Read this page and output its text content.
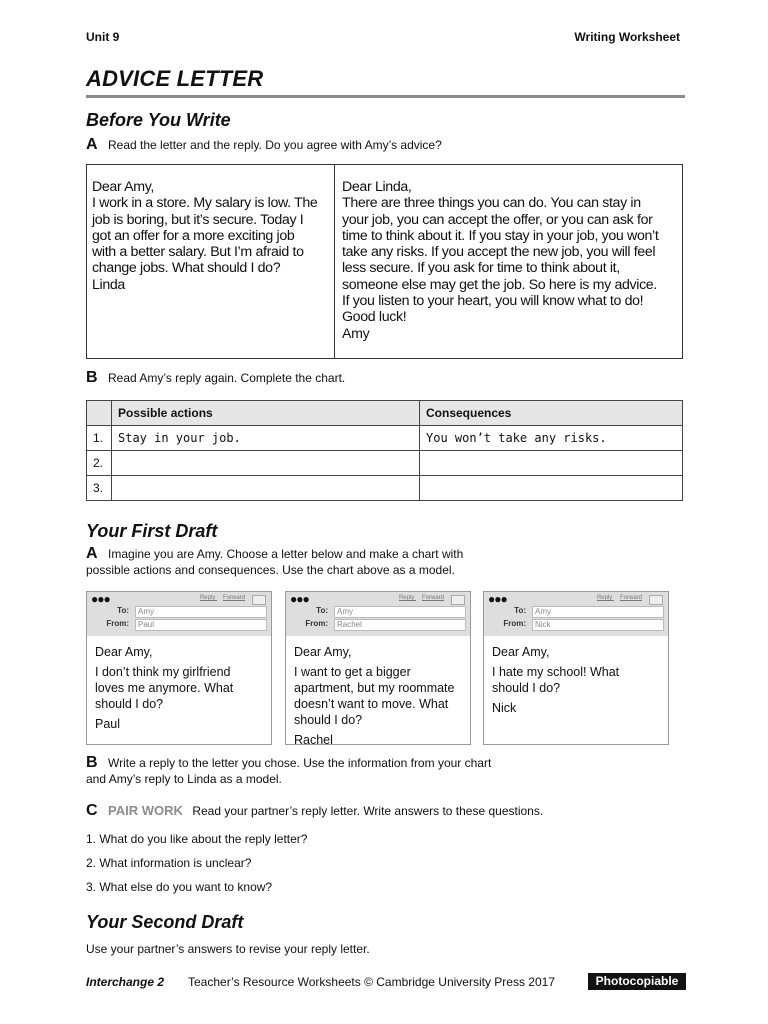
Unit 9	Writing Worksheet
ADVICE LETTER
Before You Write
A Read the letter and the reply. Do you agree with Amy’s advice?
Dear Amy,
I work in a store. My salary is low. The
job is boring, but it’s secure. Today I
got an offer for a more exciting job
with a better salary. But I’m afraid to
change jobs. What should I do?
Linda
Dear Linda,
There are three things you can do. You can stay in
your job, you can accept the offer, or you can ask for
time to think about it. If you stay in your job, you won’t
take any risks. If you accept the new job, you will feel
less secure. If you ask for time to think about it,
someone else may get the job. So here is my advice.
If you listen to your heart, you will know what to do!
Good luck!
Amy
B Read Amy’s reply again. Complete the chart.
	Possible actions	Consequences
1.	Stay in your job.	You won’t take any risks.
2.		
3.		
Your First Draft
A Imagine you are Amy. Choose a letter below and make a chart with
possible actions and consequences. Use the chart above as a model.
●●●	Reply Forward
To:	Amy
From:	Paul
Dear Amy,
I don’t think my girlfriend
loves me anymore. What
should I do?
Paul
●●●	Reply Forward
To:	Amy
From:	Rachel
Dear Amy,
I want to get a bigger
apartment, but my roommate
doesn’t want to move. What
should I do?
Rachel
●●●	Reply Forward
To:	Amy
From:	Nick
Dear Amy,
I hate my school! What
should I do?
Nick
B Write a reply to the letter you chose. Use the information from your chart
and Amy’s reply to Linda as a model.
C PAIR WORK Read your partner’s reply letter. Write answers to these questions.
1. What do you like about the reply letter?
2. What information is unclear?
3. What else do you want to know?
Your Second Draft
Use your partner’s answers to revise your reply letter.
Interchange 2 Teacher’s Resource Worksheets © Cambridge University Press 2017	Photocopiable
